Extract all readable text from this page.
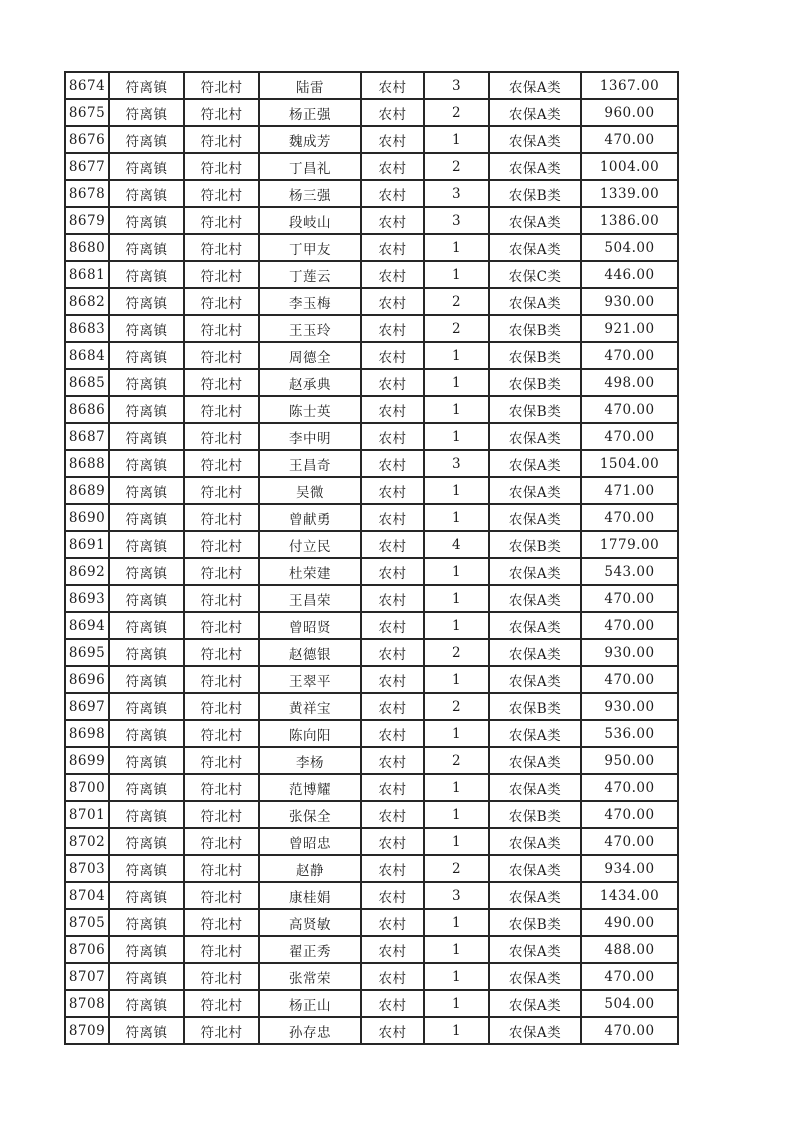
8674	符离镇	符北村	陆雷	农村	3	农保A类	1367.00
8675	符离镇	符北村	杨正强	农村	2	农保A类	960.00
8676	符离镇	符北村	魏成芳	农村	1	农保A类	470.00
8677	符离镇	符北村	丁昌礼	农村	2	农保A类	1004.00
8678	符离镇	符北村	杨三强	农村	3	农保B类	1339.00
8679	符离镇	符北村	段岐山	农村	3	农保A类	1386.00
8680	符离镇	符北村	丁甲友	农村	1	农保A类	504.00
8681	符离镇	符北村	丁莲云	农村	1	农保C类	446.00
8682	符离镇	符北村	李玉梅	农村	2	农保A类	930.00
8683	符离镇	符北村	王玉玲	农村	2	农保B类	921.00
8684	符离镇	符北村	周德全	农村	1	农保B类	470.00
8685	符离镇	符北村	赵承典	农村	1	农保B类	498.00
8686	符离镇	符北村	陈士英	农村	1	农保B类	470.00
8687	符离镇	符北村	李中明	农村	1	农保A类	470.00
8688	符离镇	符北村	王昌奇	农村	3	农保A类	1504.00
8689	符离镇	符北村	吴微	农村	1	农保A类	471.00
8690	符离镇	符北村	曾献勇	农村	1	农保A类	470.00
8691	符离镇	符北村	付立民	农村	4	农保B类	1779.00
8692	符离镇	符北村	杜荣建	农村	1	农保A类	543.00
8693	符离镇	符北村	王昌荣	农村	1	农保A类	470.00
8694	符离镇	符北村	曾昭贤	农村	1	农保A类	470.00
8695	符离镇	符北村	赵德银	农村	2	农保A类	930.00
8696	符离镇	符北村	王翠平	农村	1	农保A类	470.00
8697	符离镇	符北村	黄祥宝	农村	2	农保B类	930.00
8698	符离镇	符北村	陈向阳	农村	1	农保A类	536.00
8699	符离镇	符北村	李杨	农村	2	农保A类	950.00
8700	符离镇	符北村	范博耀	农村	1	农保A类	470.00
8701	符离镇	符北村	张保全	农村	1	农保B类	470.00
8702	符离镇	符北村	曾昭忠	农村	1	农保A类	470.00
8703	符离镇	符北村	赵静	农村	2	农保A类	934.00
8704	符离镇	符北村	康桂娟	农村	3	农保A类	1434.00
8705	符离镇	符北村	高贤敏	农村	1	农保B类	490.00
8706	符离镇	符北村	翟正秀	农村	1	农保A类	488.00
8707	符离镇	符北村	张常荣	农村	1	农保A类	470.00
8708	符离镇	符北村	杨正山	农村	1	农保A类	504.00
8709	符离镇	符北村	孙存忠	农村	1	农保A类	470.00
